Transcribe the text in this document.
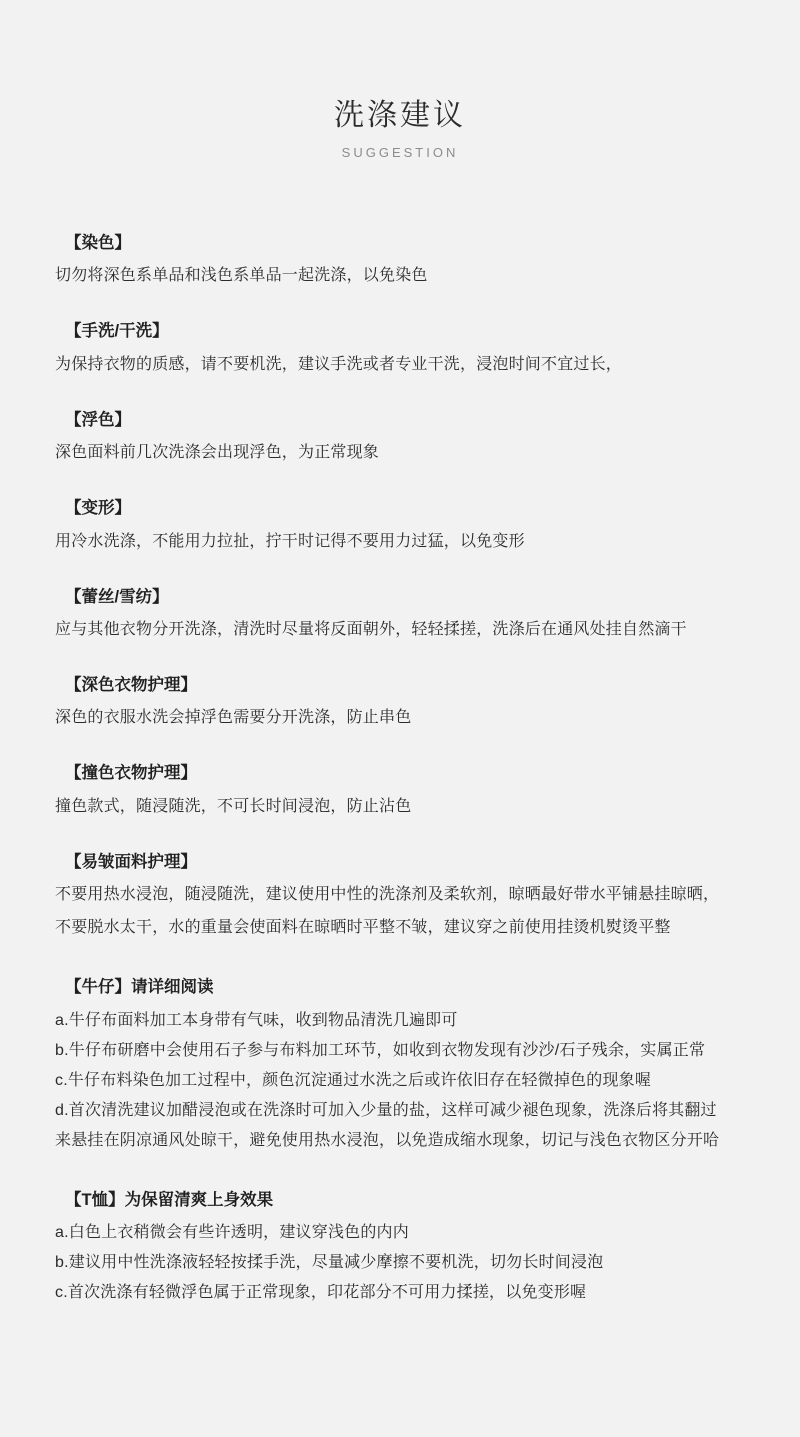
洗涤建议
SUGGESTION
【染色】

切勿将深色系单品和浅色系单品一起洗涤，以免染色

【手洗/干洗】

为保持衣物的质感，请不要机洗，建议手洗或者专业干洗，浸泡时间不宜过长，

【浮色】

深色面料前几次洗涤会出现浮色，为正常现象

【变形】

用冷水洗涤，不能用力拉扯，拧干时记得不要用力过猛，以免变形

【蕾丝/雪纺】

应与其他衣物分开洗涤，清洗时尽量将反面朝外，轻轻揉搓，洗涤后在通风处挂自然滴干

【深色衣物护理】

深色的衣服水洗会掉浮色需要分开洗涤，防止串色

【撞色衣物护理】

撞色款式，随浸随洗，不可长时间浸泡，防止沾色

【易皱面料护理】

不要用热水浸泡，随浸随洗，建议使用中性的洗涤剂及柔软剂，晾晒最好带水平铺悬挂晾晒，

不要脱水太干，水的重量会使面料在晾晒时平整不皱，建议穿之前使用挂烫机熨烫平整

【牛仔】请详细阅读

a.牛仔布面料加工本身带有气味，收到物品清洗几遍即可

b.牛仔布研磨中会使用石子参与布料加工环节，如收到衣物发现有沙沙/石子残余，实属正常

c.牛仔布料染色加工过程中，颜色沉淀通过水洗之后或许依旧存在轻微掉色的现象喔

d.首次清洗建议加醋浸泡或在洗涤时可加入少量的盐，这样可减少褪色现象，洗涤后将其翻过

来悬挂在阴凉通风处晾干，避免使用热水浸泡，以免造成缩水现象，切记与浅色衣物区分开哈

【T恤】为保留清爽上身效果

a.白色上衣稍微会有些许透明，建议穿浅色的内内

b.建议用中性洗涤液轻轻按揉手洗，尽量减少摩擦不要机洗，切勿长时间浸泡

c.首次洗涤有轻微浮色属于正常现象，印花部分不可用力揉搓，以免变形喔
